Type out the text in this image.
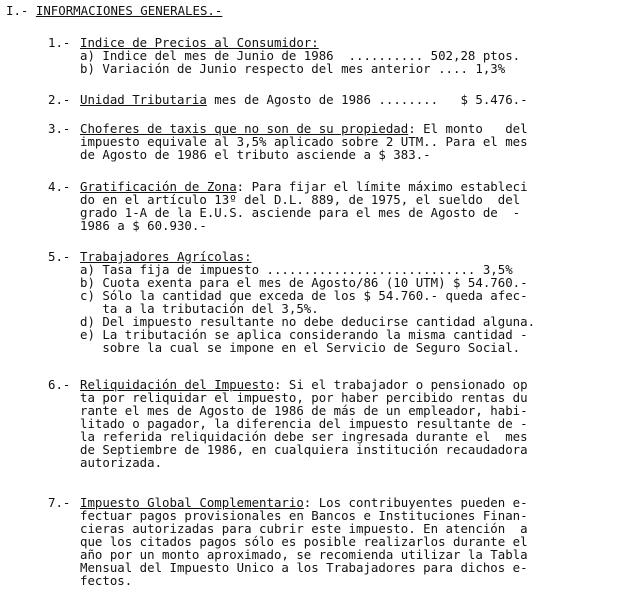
I.- INFORMACIONES GENERALES.-
1.- Indice de Precios al Consumidor:
a) Indice del mes de Junio de 1986  .......... 502,28 ptos.
b) Variación de Junio respecto del mes anterior .... 1,3%
2.- Unidad Tributaria mes de Agosto de 1986 ........   $ 5.476.-
3.- Choferes de taxis que no son de su propiedad: El monto   del
impuesto equivale al 3,5% aplicado sobre 2 UTM.. Para el mes
de Agosto de 1986 el tributo asciende a $ 383.-
4.- Gratificación de Zona: Para fijar el límite máximo estableci
do en el artículo 13º del D.L. 889, de 1975, el sueldo  del
grado 1-A de la E.U.S. asciende para el mes de Agosto de  -
1986 a $ 60.930.-
5.- Trabajadores Agrícolas:
a) Tasa fija de impuesto ............................ 3,5%
b) Cuota exenta para el mes de Agosto/86 (10 UTM) $ 54.760.-
c) Sólo la cantidad que exceda de los $ 54.760.- queda afec-
ta a la tributación del 3,5%.
d) Del impuesto resultante no debe deducirse cantidad alguna.
e) La tributación se aplica considerando la misma cantidad -
sobre la cual se impone en el Servicio de Seguro Social.
6.- Reliquidación del Impuesto: Si el trabajador o pensionado op
ta por reliquidar el impuesto, por haber percibido rentas du
rante el mes de Agosto de 1986 de más de un empleador, habi-
litado o pagador, la diferencia del impuesto resultante de -
la referida reliquidación debe ser ingresada durante el  mes
de Septiembre de 1986, en cualquiera institución recaudadora
autorizada.
7.- Impuesto Global Complementario: Los contribuyentes pueden e-
fectuar pagos provisionales en Bancos e Instituciones Finan-
cieras autorizadas para cubrir este impuesto. En atención  a
que los citados pagos sólo es posible realizarlos durante el
año por un monto aproximado, se recomienda utilizar la Tabla
Mensual del Impuesto Unico a los Trabajadores para dichos e-
fectos.
